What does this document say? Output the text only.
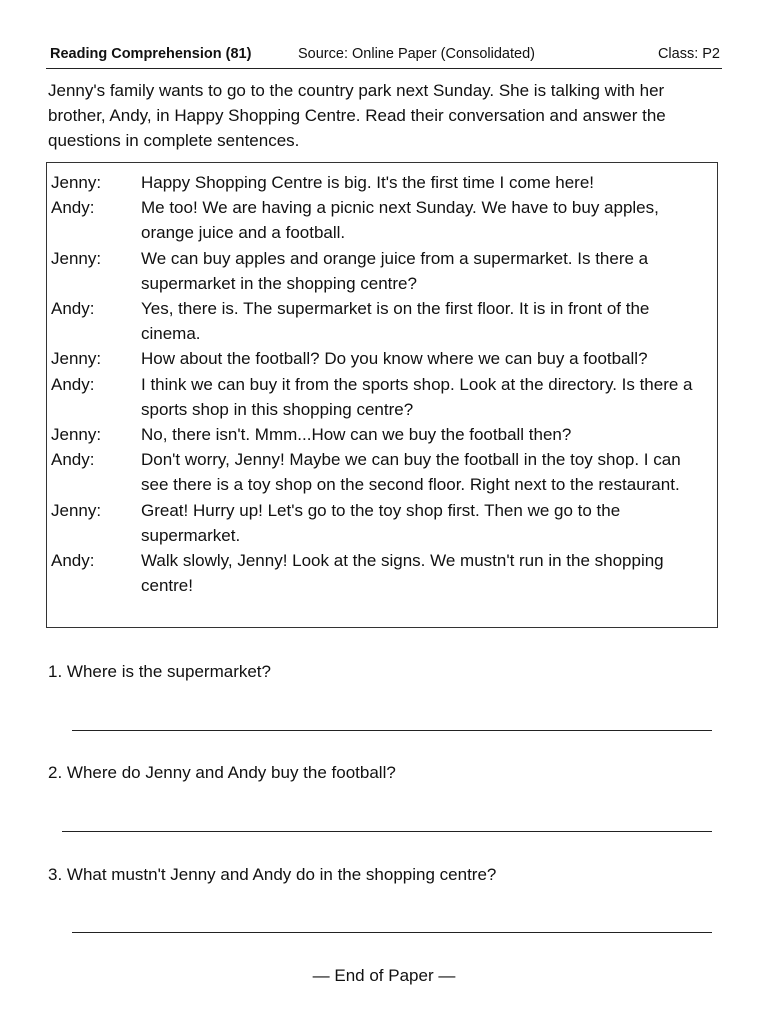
Reading Comprehension (81)	Source: Online Paper (Consolidated)	Class: P2
Jenny's family wants to go to the country park next Sunday. She is talking with her brother, Andy, in Happy Shopping Centre. Read their conversation and answer the questions in complete sentences.
Jenny:	Happy Shopping Centre is big. It's the first time I come here!
Andy:	Me too! We are having a picnic next Sunday. We have to buy apples, orange juice and a football.
Jenny:	We can buy apples and orange juice from a supermarket. Is there a supermarket in the shopping centre?
Andy:	Yes, there is. The supermarket is on the first floor. It is in front of the cinema.
Jenny:	How about the football? Do you know where we can buy a football?
Andy:	I think we can buy it from the sports shop. Look at the directory. Is there a sports shop in this shopping centre?
Jenny:	No, there isn't. Mmm...How can we buy the football then?
Andy:	Don't worry, Jenny! Maybe we can buy the football in the toy shop. I can see there is a toy shop on the second floor. Right next to the restaurant.
Jenny:	Great! Hurry up! Let's go to the toy shop first. Then we go to the supermarket.
Andy:	Walk slowly, Jenny! Look at the signs. We mustn't run in the shopping centre!
1. Where is the supermarket?
2. Where do Jenny and Andy buy the football?
3. What mustn't Jenny and Andy do in the shopping centre?
— End of Paper —
